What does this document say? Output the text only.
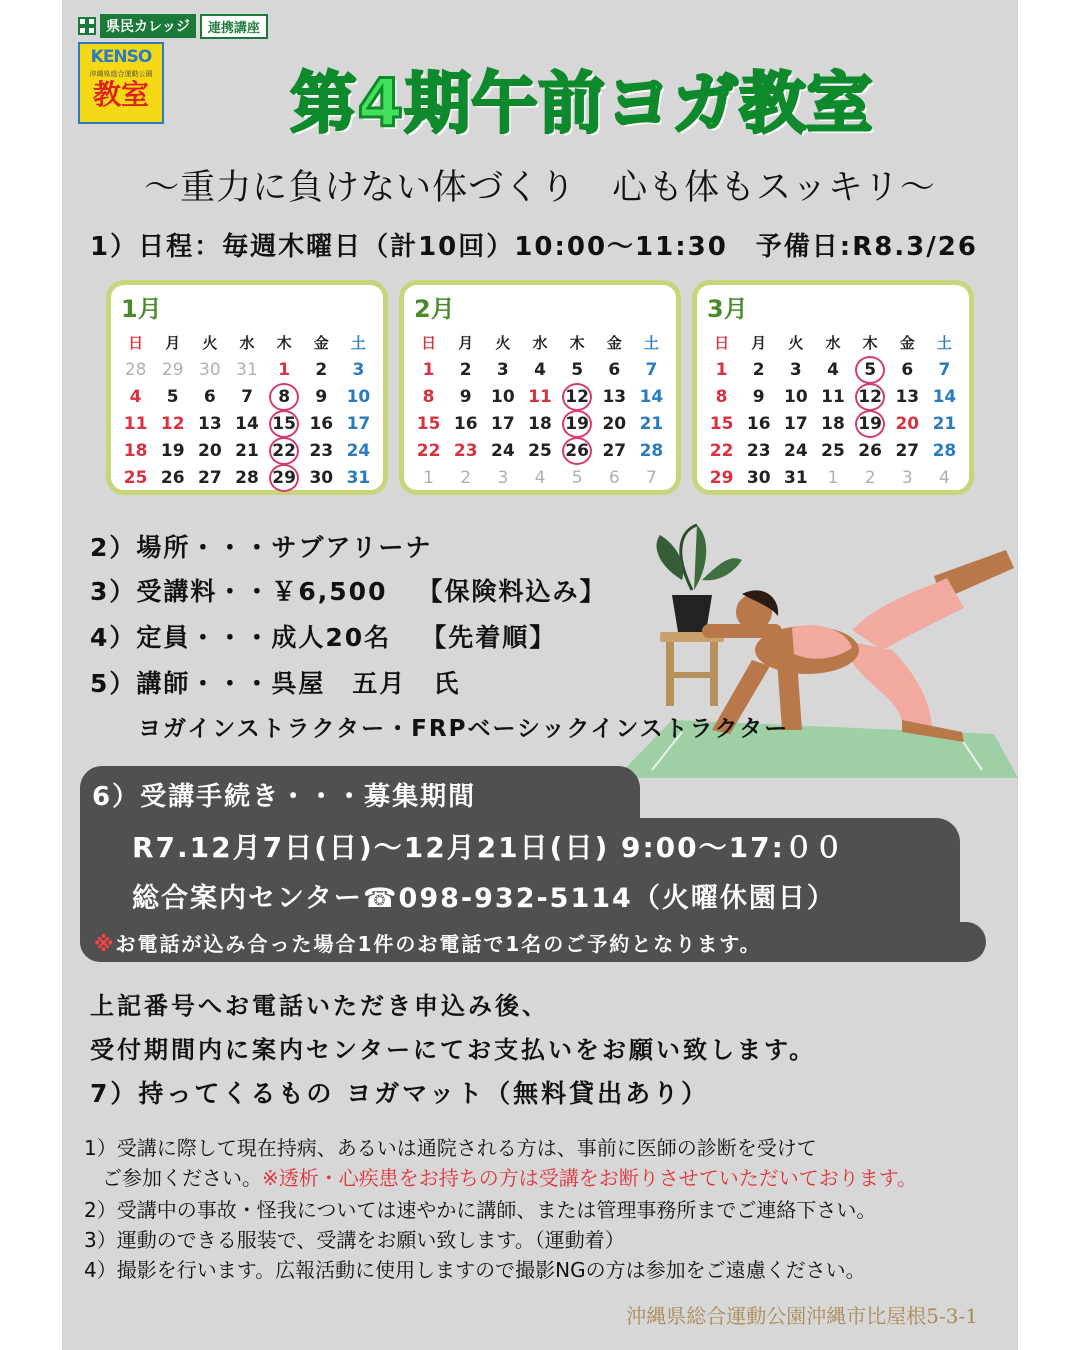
県民カレッジ	連携講座
KENSO
沖縄県総合運動公園
教室	第4期午前ヨガ教室
〜重力に負けない体づくり　心も体もスッキリ〜
1）日程：毎週木曜日（計10回）10:00～11:30　予備日:R8.3/26
1月
日	月	火	水	木	金	土
28 29 30 31	1	2	3
4	5	6	7	8	9	10
11 12 13 14 15 16 17
18 19 20 21 22 23 24
25 26 27 28 29 30 31
2月
日	月	火	水	木	金	土
1	2	3	4	5	6	7
8	9	10 11 12 13 14
15 16 17 18 19 20 21
22 23 24 25 26 27 28
1	2	3	4	5	6	7
3月
日	月	火	水	木	金	土
1	2	3	4	5	6	7
8	9	10 11 12 13 14
15 16 17 18 19 20 21
22 23 24 25 26 27 28
29 30 31	1	2	3	4
2）場所・・・サブアリーナ
3）受講料・・￥6,500 【保険料込み】
4）定員・・・成人20名 【先着順】
5）講師・・・呉屋　五月　氏
ヨガインストラクター・FRPベーシックインストラクター
6）受講手続き・・・募集期間
R7.12月7日(日)～12月21日(日) 9:00～17:００
総合案内センター☎098-932-5114（火曜休園日）
※お電話が込み合った場合1件のお電話で1名のご予約となります。
上記番号へお電話いただき申込み後、
受付期間内に案内センターにてお支払いをお願い致します。
7）持ってくるもの ヨガマット（無料貸出あり）
1）受講に際して現在持病、あるいは通院される方は、事前に医師の診断を受けて
ご参加ください。※透析・心疾患をお持ちの方は受講をお断りさせていただいております。
2）受講中の事故・怪我については速やかに講師、または管理事務所までご連絡下さい。
3）運動のできる服装で、受講をお願い致します。（運動着）
4）撮影を行います。広報活動に使用しますので撮影NGの方は参加をご遠慮ください。
沖縄県総合運動公園沖縄市比屋根5-3-1
